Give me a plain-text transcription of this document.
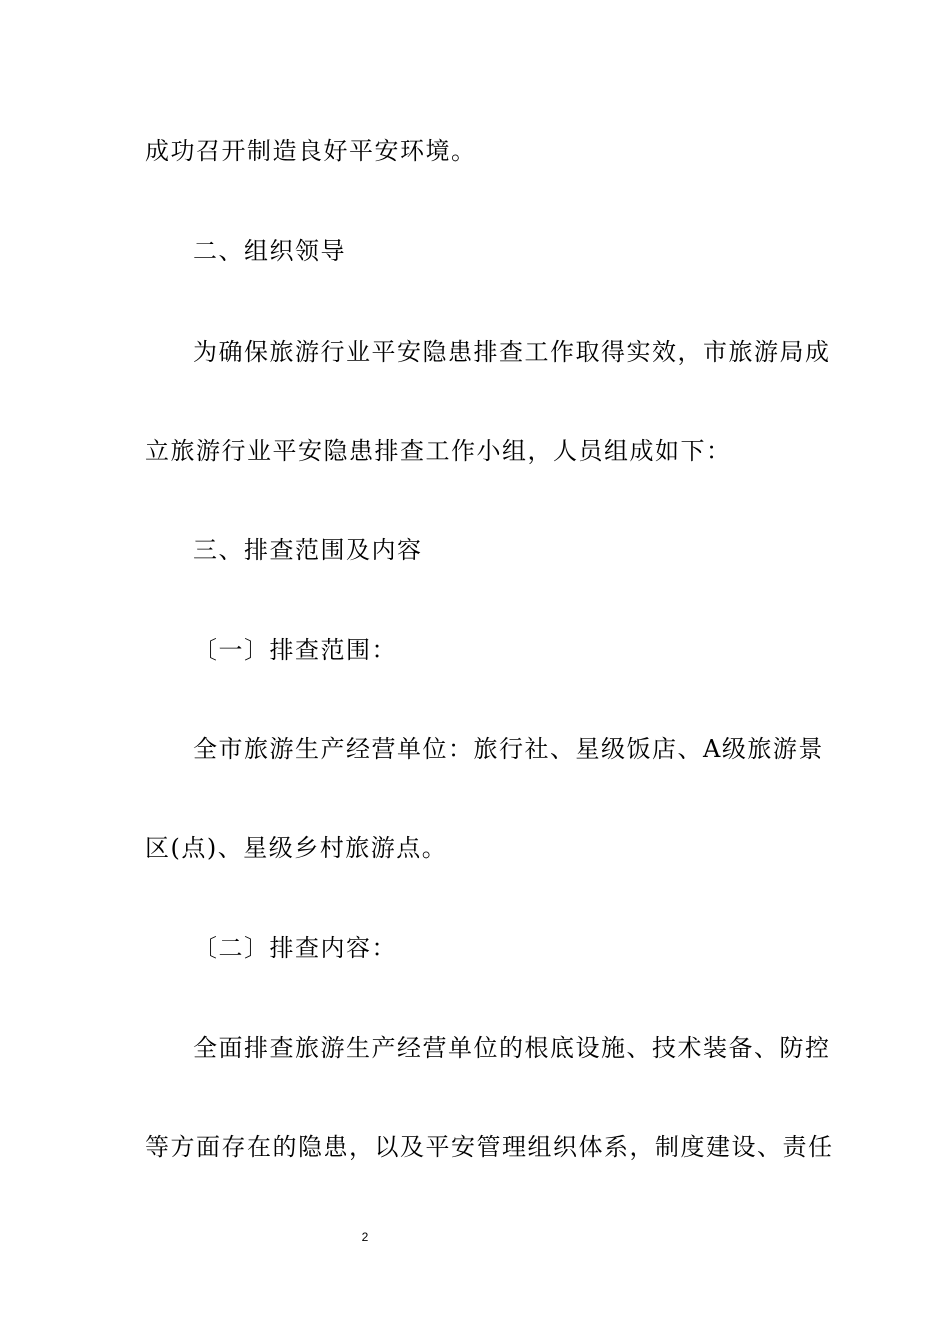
成功召开制造良好平安环境。
二、组织领导
为确保旅游行业平安隐患排查工作取得实效，市旅游局成
立旅游行业平安隐患排查工作小组，人员组成如下：
三、排查范围及内容
〔一〕排查范围：
全市旅游生产经营单位：旅行社、星级饭店、A级旅游景
区(点)、星级乡村旅游点。
〔二〕排查内容：
全面排查旅游生产经营单位的根底设施、技术装备、防控
等方面存在的隐患，以及平安管理组织体系，制度建设、责任
2
